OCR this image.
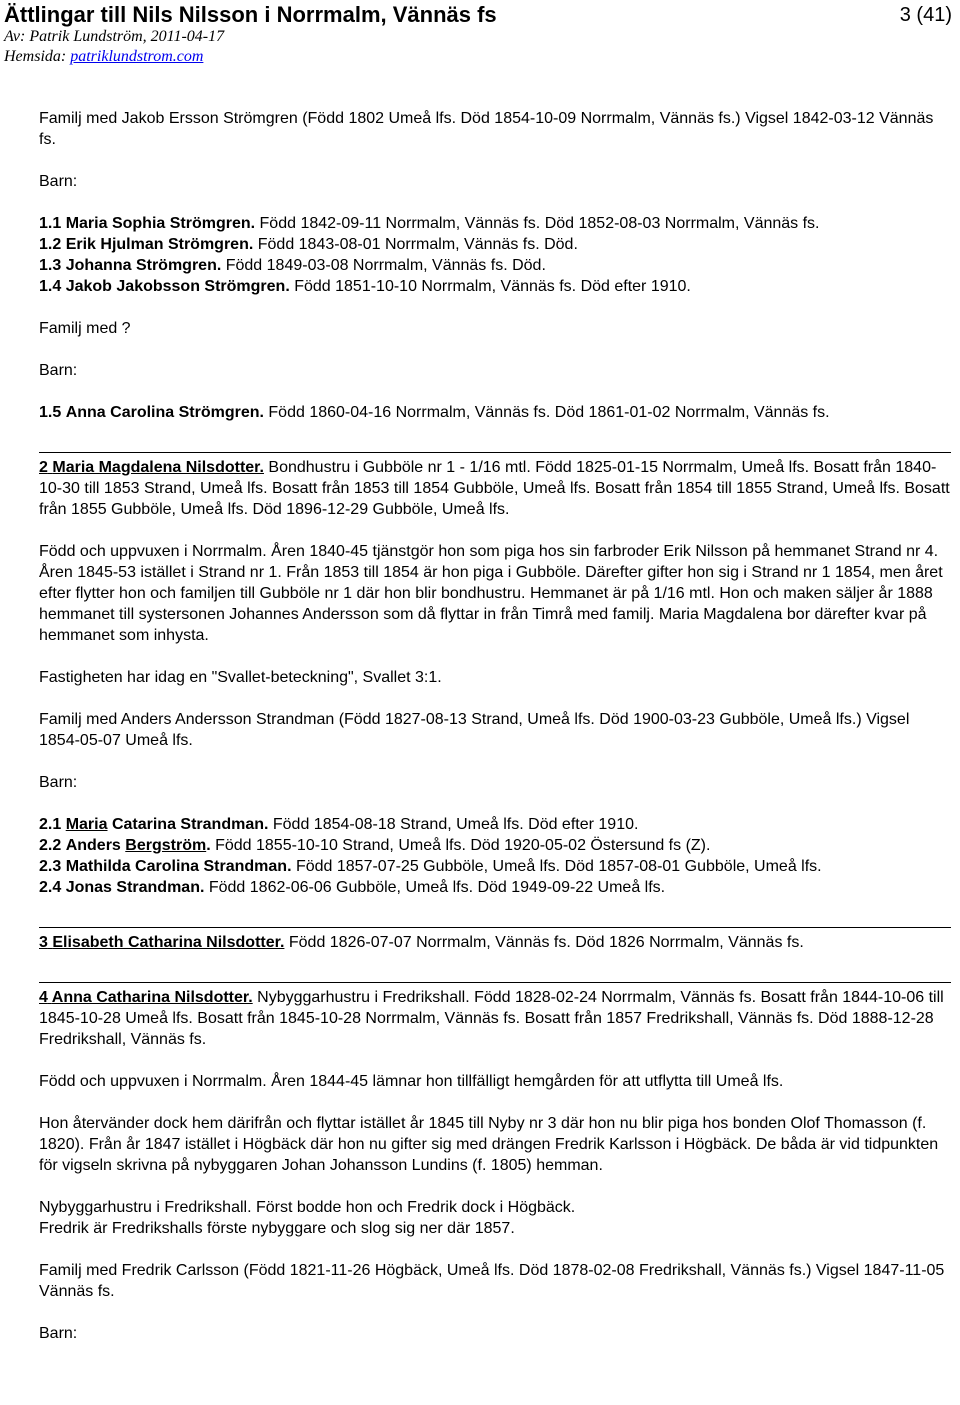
Ättlingar till Nils Nilsson i Norrmalm, Vännäs fs	3 (41)
Av: Patrik Lundström, 2011-04-17
Hemsida: patriklundstrom.com

Familj med Jakob Ersson Strömgren (Född 1802 Umeå lfs. Död 1854-10-09 Norrmalm, Vännäs fs.) Vigsel 1842-03-12 Vännäs fs.

Barn:

1.1 Maria Sophia Strömgren. Född 1842-09-11 Norrmalm, Vännäs fs. Död 1852-08-03 Norrmalm, Vännäs fs.

1.2 Erik Hjulman Strömgren. Född 1843-08-01 Norrmalm, Vännäs fs. Död.

1.3 Johanna Strömgren. Född 1849-03-08 Norrmalm, Vännäs fs. Död.

1.4 Jakob Jakobsson Strömgren. Född 1851-10-10 Norrmalm, Vännäs fs. Död efter 1910.

Familj med ?

Barn:

1.5 Anna Carolina Strömgren. Född 1860-04-16 Norrmalm, Vännäs fs. Död 1861-01-02 Norrmalm, Vännäs fs.

2 Maria Magdalena Nilsdotter. Bondhustru i Gubböle nr 1 - 1/16 mtl. Född 1825-01-15 Norrmalm, Umeå lfs. Bosatt från 1840-10-30 till 1853 Strand, Umeå lfs. Bosatt från 1853 till 1854 Gubböle, Umeå lfs. Bosatt från 1854 till 1855 Strand, Umeå lfs. Bosatt från 1855 Gubböle, Umeå lfs. Död 1896-12-29 Gubböle, Umeå lfs.

Född och uppvuxen i Norrmalm. Åren 1840-45 tjänstgör hon som piga hos sin farbroder Erik Nilsson på hemmanet Strand nr 4. Åren 1845-53 istället i Strand nr 1. Från 1853 till 1854 är hon piga i Gubböle. Därefter gifter hon sig i Strand nr 1 1854, men året efter flytter hon och familjen till Gubböle nr 1 där hon blir bondhustru. Hemmanet är på 1/16 mtl. Hon och maken säljer år 1888 hemmanet till systersonen Johannes Andersson som då flyttar in från Timrå med familj. Maria Magdalena bor därefter kvar på hemmanet som inhysta.

Fastigheten har idag en "Svallet-beteckning", Svallet 3:1.

Familj med Anders Andersson Strandman (Född 1827-08-13 Strand, Umeå lfs. Död 1900-03-23 Gubböle, Umeå lfs.) Vigsel 1854-05-07 Umeå lfs.

Barn:

2.1 Maria Catarina Strandman. Född 1854-08-18 Strand, Umeå lfs. Död efter 1910.

2.2 Anders Bergström. Född 1855-10-10 Strand, Umeå lfs. Död 1920-05-02 Östersund fs (Z).

2.3 Mathilda Carolina Strandman. Född 1857-07-25 Gubböle, Umeå lfs. Död 1857-08-01 Gubböle, Umeå lfs.

2.4 Jonas Strandman. Född 1862-06-06 Gubböle, Umeå lfs. Död 1949-09-22 Umeå lfs.

3 Elisabeth Catharina Nilsdotter. Född 1826-07-07 Norrmalm, Vännäs fs. Död 1826 Norrmalm, Vännäs fs.

4 Anna Catharina Nilsdotter. Nybyggarhustru i Fredrikshall. Född 1828-02-24 Norrmalm, Vännäs fs. Bosatt från 1844-10-06 till 1845-10-28 Umeå lfs. Bosatt från 1845-10-28 Norrmalm, Vännäs fs. Bosatt från 1857 Fredrikshall, Vännäs fs. Död 1888-12-28 Fredrikshall, Vännäs fs.

Född och uppvuxen i Norrmalm. Åren 1844-45 lämnar hon tillfälligt hemgården för att utflytta till Umeå lfs.

Hon återvänder dock hem därifrån och flyttar istället år 1845 till Nyby nr 3 där hon nu blir piga hos bonden Olof Thomasson (f. 1820). Från år 1847 istället i Högbäck där hon nu gifter sig med drängen Fredrik Karlsson i Högbäck. De båda är vid tidpunkten för vigseln skrivna på nybyggaren Johan Johansson Lundins (f. 1805) hemman.

Nybyggarhustru i Fredrikshall. Först bodde hon och Fredrik dock i Högbäck.

Fredrik är Fredrikshalls förste nybyggare och slog sig ner där 1857.

Familj med Fredrik Carlsson (Född 1821-11-26 Högbäck, Umeå lfs. Död 1878-02-08 Fredrikshall, Vännäs fs.) Vigsel 1847-11-05 Vännäs fs.

Barn:
